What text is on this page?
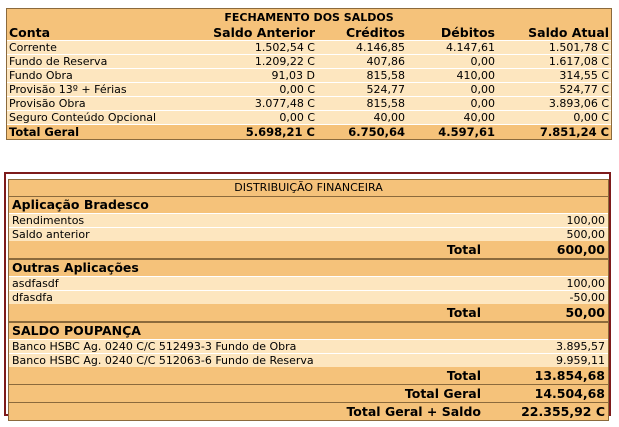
FECHAMENTO DOS SALDOS				
Conta	Saldo Anterior	Créditos	Débitos	Saldo Atual
Corrente	1.502,54 C	4.146,85	4.147,61	1.501,78 C
Fundo de Reserva	1.209,22 C	407,86	0,00	1.617,08 C
Fundo Obra	91,03 D	815,58	410,00	314,55 C
Provisão 13º + Férias	0,00 C	524,77	0,00	524,77 C
Provisão Obra	3.077,48 C	815,58	0,00	3.893,06 C
Seguro Conteúdo Opcional	0,00 C	40,00	40,00	0,00 C
Total Geral	5.698,21 C	6.750,64	4.597,61	7.851,24 C
DISTRIBUIÇÃO FINANCEIRA		
Aplicação Bradesco		
Rendimentos		100,00
Saldo anterior		500,00
	Total	600,00
Outras Aplicações		
asdfasdf		100,00
dfasdfa		-50,00
	Total	50,00
SALDO POUPANÇA		
Banco HSBC Ag. 0240 C/C 512493-3 Fundo de Obra		3.895,57
Banco HSBC Ag. 0240 C/C 512063-6 Fundo de Reserva		9.959,11
	Total	13.854,68
Total Geral		14.504,68
Total Geral + Saldo		22.355,92 C
